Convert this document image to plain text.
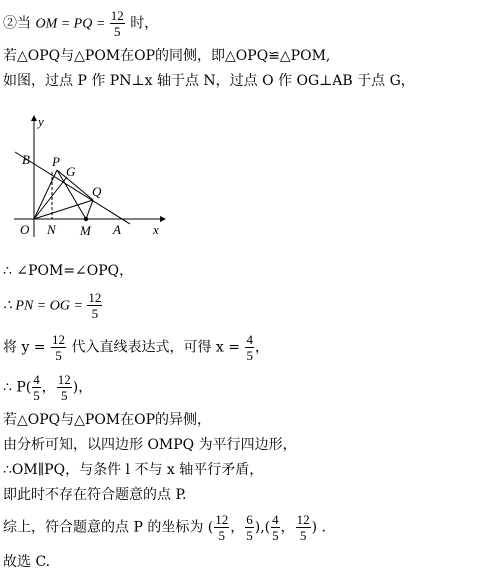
②当 OM = PQ = $\frac{12}{5}$ 时，
若△OPQ与△POM在OP的同侧，即△OPQ≌△POM,
如图，过点 P 作 PN⊥x 轴于点 N，过点 O 作 OG⊥AB 于点 G，
y
B P
G
Q
O N M A x
∴ ∠POM=∠OPQ，
∴ PN = OG = $\frac{12}{5}$
将 $y = \frac{12}{5}$ 代入直线表达式，可得 $x = \frac{4}{5}$ ，
∴ $P( \frac{4}{5}$ ， $\frac{12}{5}$ )，
若△OPQ与△POM在OP的异侧，
由分析可知，以四边形 OMPQ 为平行四边形，
∴OM∥PQ，与条件 l 不与 x 轴平行矛盾，
即此时不存在符合题意的点 P.
综上，符合题意的点 P 的坐标为 ( $\frac{12}{5}$ ， $\frac{6}{5}$ ),( $\frac{4}{5}$ ， $\frac{12}{5}$ ) .
故选 C.
